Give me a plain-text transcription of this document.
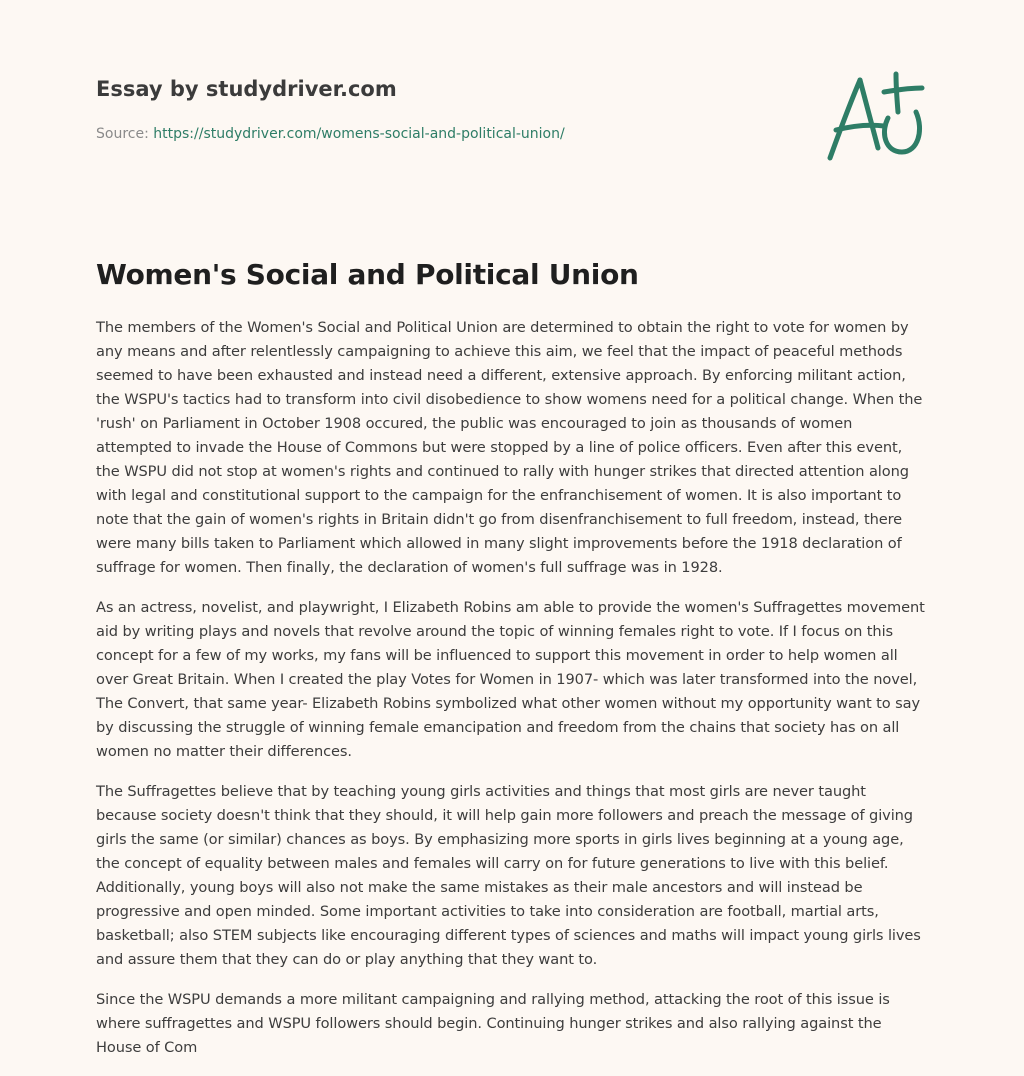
Essay by studydriver.com
Source: https://studydriver.com/womens-social-and-political-union/
Women's Social and Political Union

The members of the Women's Social and Political Union are determined to obtain the right to vote for women by any means and after relentlessly campaigning to achieve this aim, we feel that the impact of peaceful methods seemed to have been exhausted and instead need a different, extensive approach. By enforcing militant action, the WSPU's tactics had to transform into civil disobedience to show womens need for a political change. When the 'rush' on Parliament in October 1908 occured, the public was encouraged to join as thousands of women attempted to invade the House of Commons but were stopped by a line of police officers. Even after this event, the WSPU did not stop at women's rights and continued to rally with hunger strikes that directed attention along with legal and constitutional support to the campaign for the enfranchisement of women. It is also important to note that the gain of women's rights in Britain didn't go from disenfranchisement to full freedom, instead, there were many bills taken to Parliament which allowed in many slight improvements before the 1918 declaration of suffrage for women. Then finally, the declaration of women's full suffrage was in 1928.

As an actress, novelist, and playwright, I Elizabeth Robins am able to provide the women's Suffragettes movement aid by writing plays and novels that revolve around the topic of winning females right to vote. If I focus on this concept for a few of my works, my fans will be influenced to support this movement in order to help women all over Great Britain. When I created the play Votes for Women in 1907- which was later transformed into the novel, The Convert, that same year- Elizabeth Robins symbolized what other women without my opportunity want to say by discussing the struggle of winning female emancipation and freedom from the chains that society has on all women no matter their differences.

The Suffragettes believe that by teaching young girls activities and things that most girls are never taught because society doesn't think that they should, it will help gain more followers and preach the message of giving girls the same (or similar) chances as boys. By emphasizing more sports in girls lives beginning at a young age, the concept of equality between males and females will carry on for future generations to live with this belief. Additionally, young boys will also not make the same mistakes as their male ancestors and will instead be progressive and open minded. Some important activities to take into consideration are football, martial arts, basketball; also STEM subjects like encouraging different types of sciences and maths will impact young girls lives and assure them that they can do or play anything that they want to.

Since the WSPU demands a more militant campaigning and rallying method, attacking the root of this issue is where suffragettes and WSPU followers should begin. Continuing hunger strikes and also rallying against the House of Com
